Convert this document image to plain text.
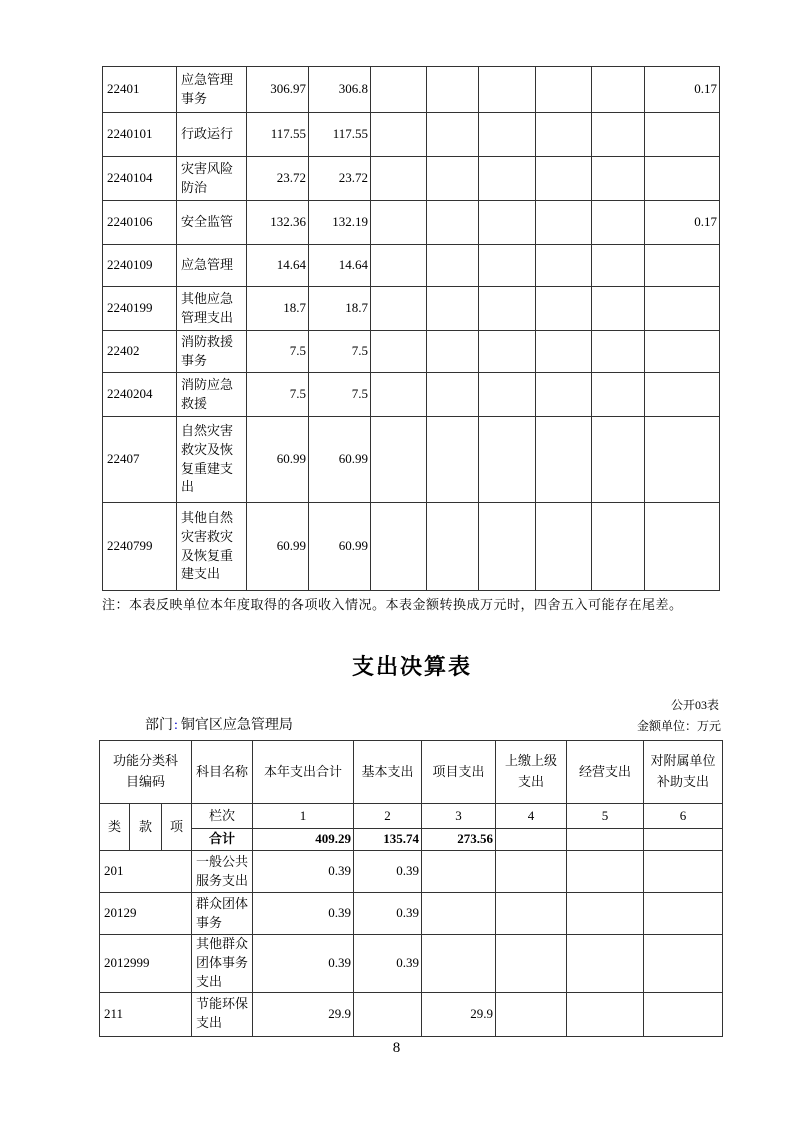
22401	应急管理事务	306.97	306.8						0.17
2240101	行政运行	117.55	117.55						
2240104	灾害风险防治	23.72	23.72						
2240106	安全监管	132.36	132.19						0.17
2240109	应急管理	14.64	14.64						
2240199	其他应急管理支出	18.7	18.7						
22402	消防救援事务	7.5	7.5						
2240204	消防应急救援	7.5	7.5						
22407	自然灾害救灾及恢复重建支出	60.99	60.99						
2240799	其他自然灾害救灾及恢复重建支出	60.99	60.99						
注：本表反映单位本年度取得的各项收入情况。本表金额转换成万元时，四舍五入可能存在尾差。
支出决算表
公开03表
部门: 铜官区应急管理局	金额单位：万元
功能分类科目编码			科目名称	本年支出合计	基本支出	项目支出	上缴上级支出	经营支出	对附属单位补助支出
类	款	项	栏次	1	2	3	4	5	6
			合计	409.29	135.74	273.56			
201			一般公共服务支出	0.39	0.39				
20129			群众团体事务	0.39	0.39				
2012999			其他群众团体事务支出	0.39	0.39				
211			节能环保支出	29.9		29.9			
8
